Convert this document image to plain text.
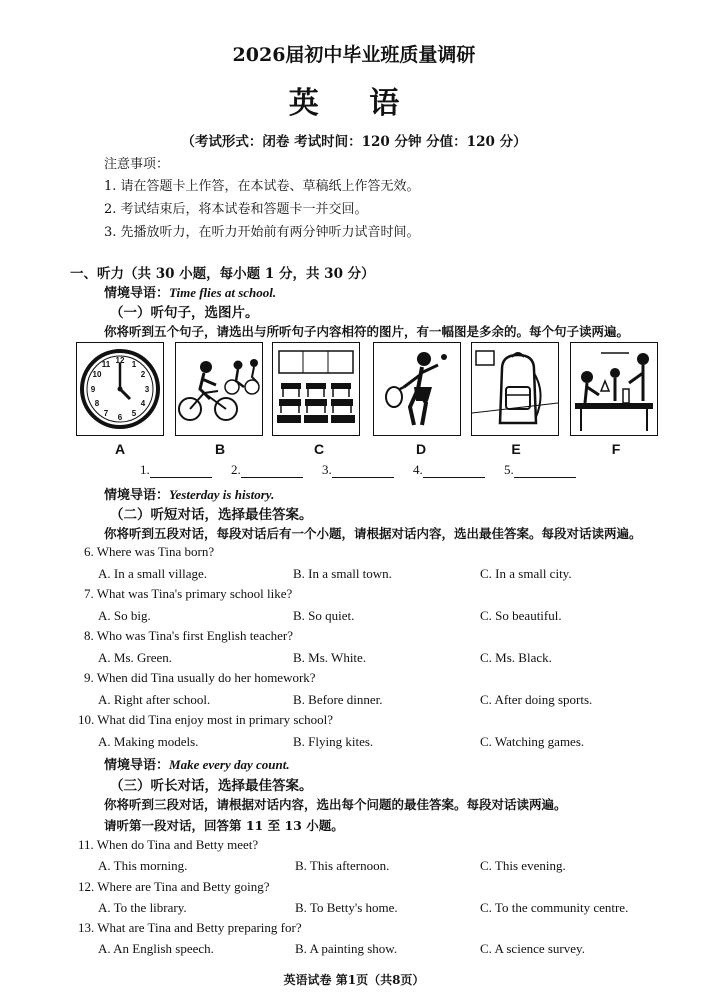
2026届初中毕业班质量调研
英 语
（考试形式：闭卷 考试时间：120 分钟 分值：120 分）
注意事项：
1. 请在答题卡上作答，在本试卷、草稿纸上作答无效。
2. 考试结束后，将本试卷和答题卡一并交回。
3. 先播放听力，在听力开始前有两分钟听力试音时间。
一、听力（共 30 小题，每小题 1 分，共 30 分）
情境导语：Time flies at school.
（一）听句子，选图片。
你将听到五个句子，请选出与所听句子内容相符的图片，有一幅图是多余的。每个句子读两遍。
12 1
2
3
4
5
6
7
8
9
10
11
A	B	C	D	E	F
1.	2.	3.	4.	5.
情境导语：Yesterday is history.
（二）听短对话，选择最佳答案。
你将听到五段对话，每段对话后有一个小题，请根据对话内容，选出最佳答案。每段对话读两遍。
6. Where was Tina born?
A. In a small village.	B. In a small town.	C. In a small city.
7. What was Tina's primary school like?
A. So big.	B. So quiet.	C. So beautiful.
8. Who was Tina's first English teacher?
A. Ms. Green.	B. Ms. White.	C. Ms. Black.
9. When did Tina usually do her homework?
A. Right after school.	B. Before dinner.	C. After doing sports.
10. What did Tina enjoy most in primary school?
A. Making models.	B. Flying kites.	C. Watching games.
情境导语：Make every day count.
（三）听长对话，选择最佳答案。
你将听到三段对话，请根据对话内容，选出每个问题的最佳答案。每段对话读两遍。
请听第一段对话，回答第 11 至 13 小题。
11. When do Tina and Betty meet?
A. This morning.	B. This afternoon.	C. This evening.
12. Where are Tina and Betty going?
A. To the library.	B. To Betty's home.	C. To the community centre.
13. What are Tina and Betty preparing for?
A. An English speech.	B. A painting show.	C. A science survey.
英语试卷 第1页（共8页）
